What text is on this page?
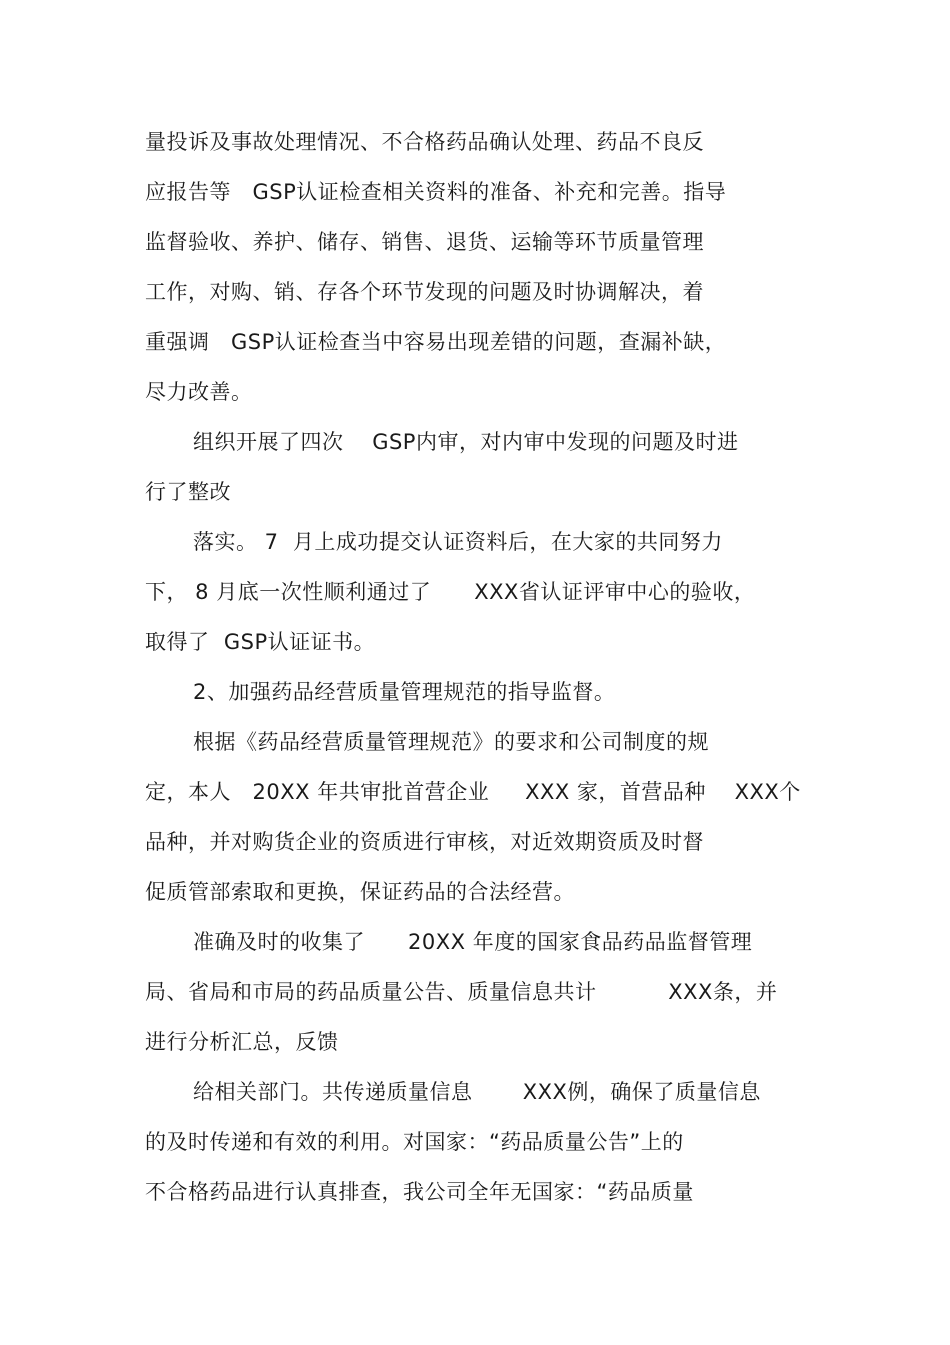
量投诉及事故处理情况、不合格药品确认处理、药品不良反
应报告等   GSP认证检查相关资料的准备、补充和完善。指导
监督验收、养护、储存、销售、退货、运输等环节质量管理
工作，对购、销、存各个环节发现的问题及时协调解决，着
重强调   GSP认证检查当中容易出现差错的问题，查漏补缺，
尽力改善。
组织开展了四次    GSP内审，对内审中发现的问题及时进
行了整改
落实。 7  月上成功提交认证资料后，在大家的共同努力
下， 8 月底一次性顺利通过了      XXX省认证评审中心的验收，
取得了  GSP认证证书。
2、加强药品经营质量管理规范的指导监督。
根据《药品经营质量管理规范》的要求和公司制度的规
定，本人   20XX 年共审批首营企业     XXX 家，首营品种    XXX个
品种，并对购货企业的资质进行审核，对近效期资质及时督
促质管部索取和更换，保证药品的合法经营。
准确及时的收集了      20XX 年度的国家食品药品监督管理
局、省局和市局的药品质量公告、质量信息共计          XXX条，并
进行分析汇总，反馈
给相关部门。共传递质量信息       XXX例，确保了质量信息
的及时传递和有效的利用。对国家：“药品质量公告”上的
不合格药品进行认真排查，我公司全年无国家：“药品质量
